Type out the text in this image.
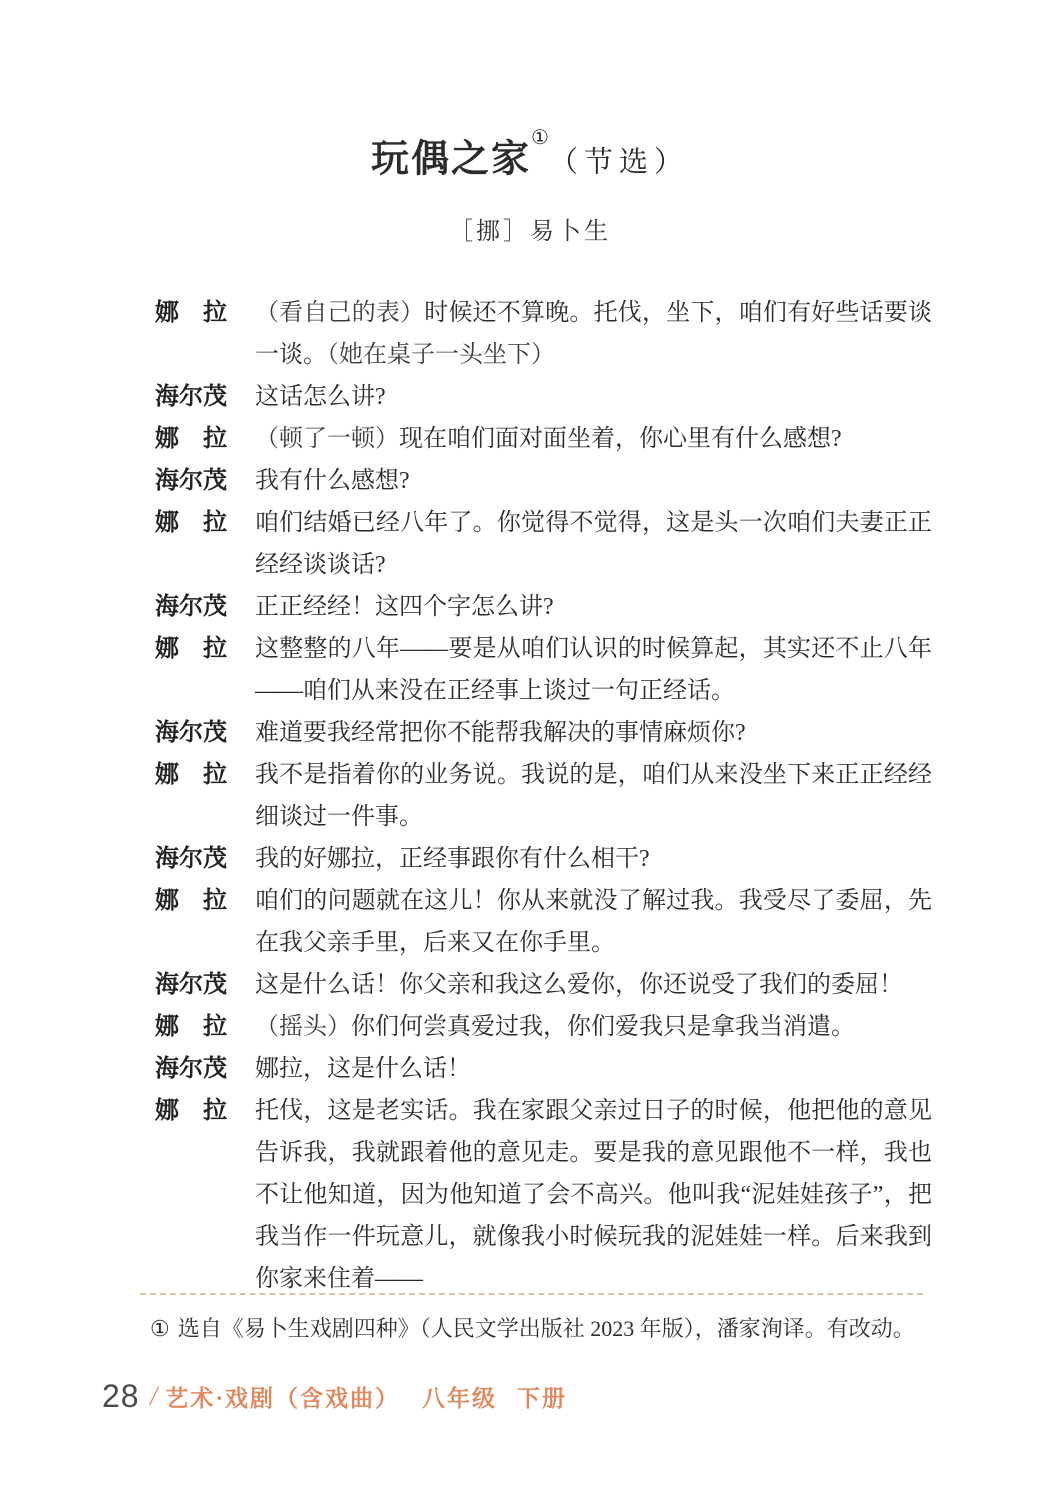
玩偶之家①（节选）
［挪］易卜生
娜　拉	（看自己的表）时候还不算晚。托伐，坐下，咱们有好些话要谈一谈。（她在桌子一头坐下）
海尔茂	这话怎么讲?
娜　拉	（顿了一顿）现在咱们面对面坐着，你心里有什么感想?
海尔茂	我有什么感想?
娜　拉	咱们结婚已经八年了。你觉得不觉得，这是头一次咱们夫妻正正经经谈谈话?
海尔茂	正正经经！这四个字怎么讲?
娜　拉	这整整的八年——要是从咱们认识的时候算起，其实还不止八年——咱们从来没在正经事上谈过一句正经话。
海尔茂	难道要我经常把你不能帮我解决的事情麻烦你?
娜　拉	我不是指着你的业务说。我说的是，咱们从来没坐下来正正经经细谈过一件事。
海尔茂	我的好娜拉，正经事跟你有什么相干?
娜　拉	咱们的问题就在这儿！你从来就没了解过我。我受尽了委屈，先在我父亲手里，后来又在你手里。
海尔茂	这是什么话！你父亲和我这么爱你，你还说受了我们的委屈！
娜　拉	（摇头）你们何尝真爱过我，你们爱我只是拿我当消遣。
海尔茂	娜拉，这是什么话！
娜　拉	托伐，这是老实话。我在家跟父亲过日子的时候，他把他的意见告诉我，我就跟着他的意见走。要是我的意见跟他不一样，我也不让他知道，因为他知道了会不高兴。他叫我“泥娃娃孩子”，把我当作一件玩意儿，就像我小时候玩我的泥娃娃一样。后来我到你家来住着——
① 选自《易卜生戏剧四种》（人民文学出版社 2023 年版），潘家洵译。有改动。
28 / 艺术·戏剧（含戏曲） 八年级 下册
